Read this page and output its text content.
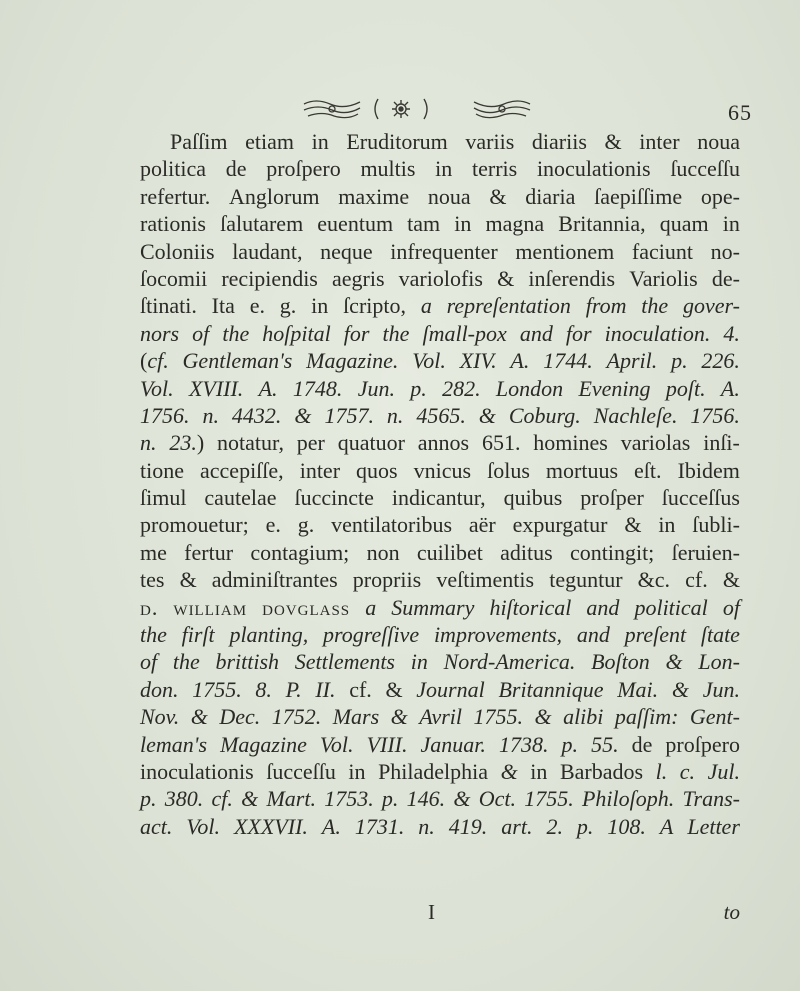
65
Paſſim etiam in Eruditorum variis diariis & inter noua
politica de proſpero multis in terris inoculationis ſucceſſu
refertur. Anglorum maxime noua & diaria ſaepiſſime ope-
rationis ſalutarem euentum tam in magna Britannia, quam in
Coloniis laudant, neque infrequenter mentionem faciunt no-
ſocomii recipiendis aegris variolofis & inſerendis Variolis de-
ſtinati. Ita e. g. in ſcripto, a repreſentation from the gover-
nors of the hoſpital for the ſmall-pox and for inoculation. 4.
(cf. Gentleman's Magazine. Vol. XIV. A. 1744. April. p. 226.
Vol. XVIII. A. 1748. Jun. p. 282. London Evening poſt. A.
1756. n. 4432. & 1757. n. 4565. & Coburg. Nachleſe. 1756.
n. 23.) notatur, per quatuor annos 651. homines variolas inſi-
tione accepiſſe, inter quos vnicus ſolus mortuus eſt. Ibidem
ſimul cautelae ſuccincte indicantur, quibus proſper ſucceſſus
promouetur; e. g. ventilatoribus aër expurgatur & in ſubli-
me fertur contagium; non cuilibet aditus contingit; ſeruien-
tes & adminiſtrantes propriis veſtimentis teguntur &c. cf. &
d. william dovglass a Summary hiſtorical and political of
the firſt planting, progreſſive improvements, and preſent ſtate
of the brittish Settlements in Nord-America. Boſton & Lon-
don. 1755. 8. P. II. cf. & Journal Britannique Mai. & Jun.
Nov. & Dec. 1752. Mars & Avril 1755. & alibi paſſim: Gent-
leman's Magazine Vol. VIII. Januar. 1738. p. 55. de proſpero
inoculationis ſucceſſu in Philadelphia & in Barbados l. c. Jul.
p. 380. cf. & Mart. 1753. p. 146. & Oct. 1755. Philoſoph. Trans-
act. Vol. XXXVII. A. 1731. n. 419. art. 2. p. 108. A Letter
I	to
